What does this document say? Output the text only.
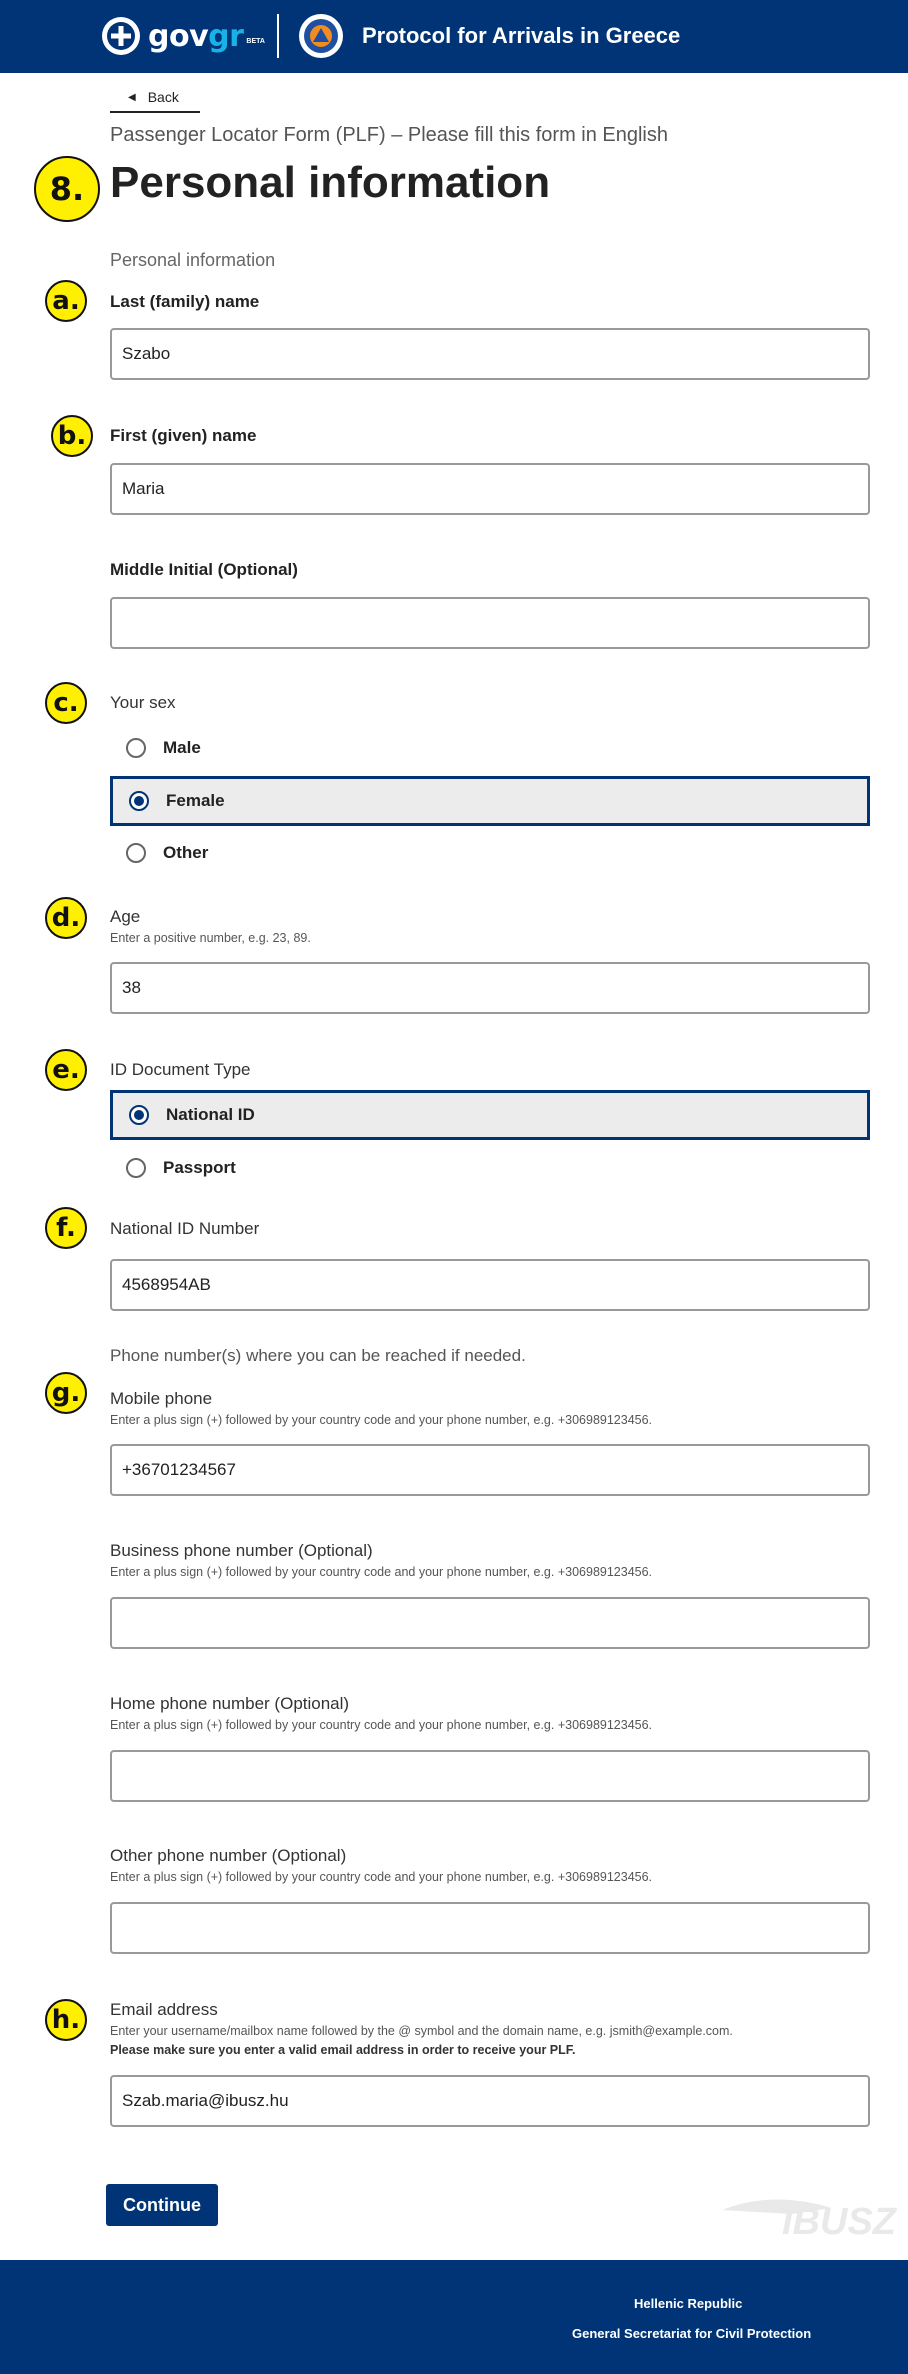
govgr BETA	Protocol for Arrivals in Greece
◀ Back
Passenger Locator Form (PLF) – Please fill this form in English
8. Personal information
Personal information
a.	Last (family) name
Szabo
b.	First (given) name
Maria
Middle Initial (Optional)
c.	Your sex
Male
Female
Other
d.	Age
Enter a positive number, e.g. 23, 89.
38
e.	ID Document Type
National ID
Passport
f.	National ID Number
4568954AB
Phone number(s) where you can be reached if needed.
g.	Mobile phone
Enter a plus sign (+) followed by your country code and your phone number, e.g. +306989123456.
+36701234567
Business phone number (Optional)
Enter a plus sign (+) followed by your country code and your phone number, e.g. +306989123456.
Home phone number (Optional)
Enter a plus sign (+) followed by your country code and your phone number, e.g. +306989123456.
Other phone number (Optional)
Enter a plus sign (+) followed by your country code and your phone number, e.g. +306989123456.
h.	Email address
Enter your username/mailbox name followed by the @ symbol and the domain name, e.g. jsmith@example.com.
Please make sure you enter a valid email address in order to receive your PLF.
Szab.maria@ibusz.hu
Continue	IBUSZ
Hellenic Republic
General Secretariat for Civil Protection
